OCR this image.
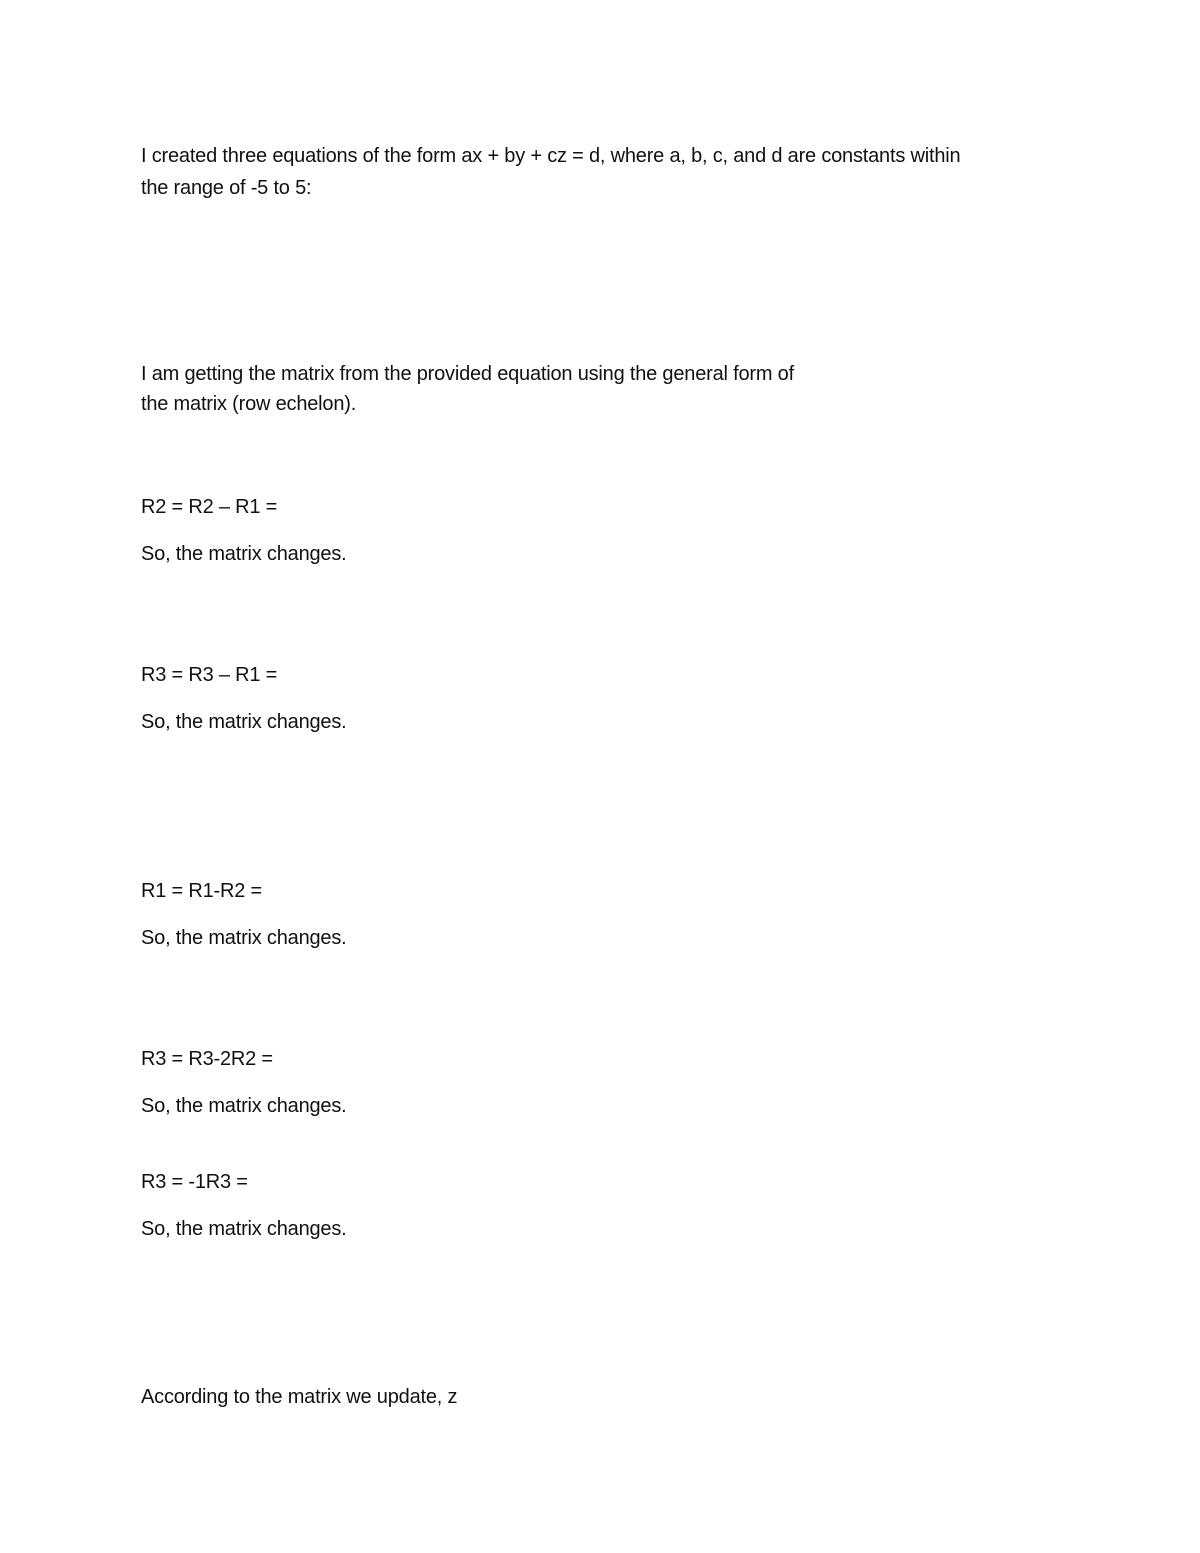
I created three equations of the form ax + by + cz = d, where a, b, c, and d are constants within
the range of -5 to 5:
I am getting the matrix from the provided equation using the general form of
the matrix (row echelon).
R2 = R2 – R1 =
So, the matrix changes.
R3 = R3 – R1 =
So, the matrix changes.
R1 = R1-R2 =
So, the matrix changes.
R3 = R3-2R2 =
So, the matrix changes.
R3 = -1R3 =
So, the matrix changes.
According to the matrix we update, z
